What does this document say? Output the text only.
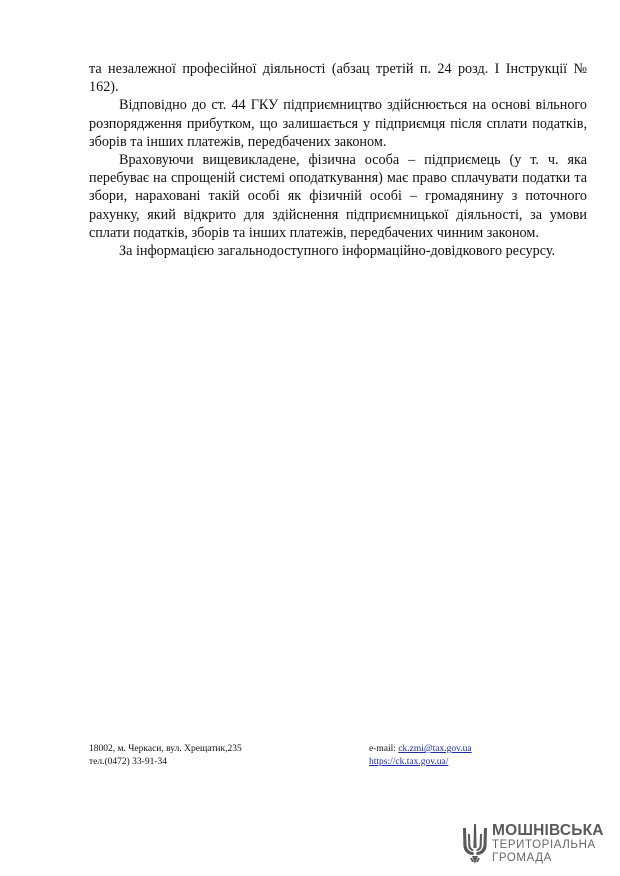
та незалежної професійної діяльності (абзац третій п. 24 розд. І Інструкції № 162).

Відповідно до ст. 44 ГКУ підприємництво здійснюється на основі вільного розпорядження прибутком, що залишається у підприємця після сплати податків, зборів та інших платежів, передбачених законом.

Враховуючи вищевикладене, фізична особа – підприємець (у т. ч. яка перебуває на спрощеній системі оподаткування) має право сплачувати податки та збори, нараховані такій особі як фізичній особі – громадянину з поточного рахунку, який відкрито для здійснення підприємницької діяльності, за умови сплати податків, зборів та інших платежів, передбачених чинним законом.

За інформацією загальнодоступного інформаційно-довідкового ресурсу.

18002, м. Черкаси, вул. Хрещатик,235
тел.(0472) 33-91-34
e-mail: ck.zmi@tax.gov.ua
https://ck.tax.gov.ua/
МОШНІВСЬКА
ТЕРИТОРІАЛЬНА
ГРОМАДА
